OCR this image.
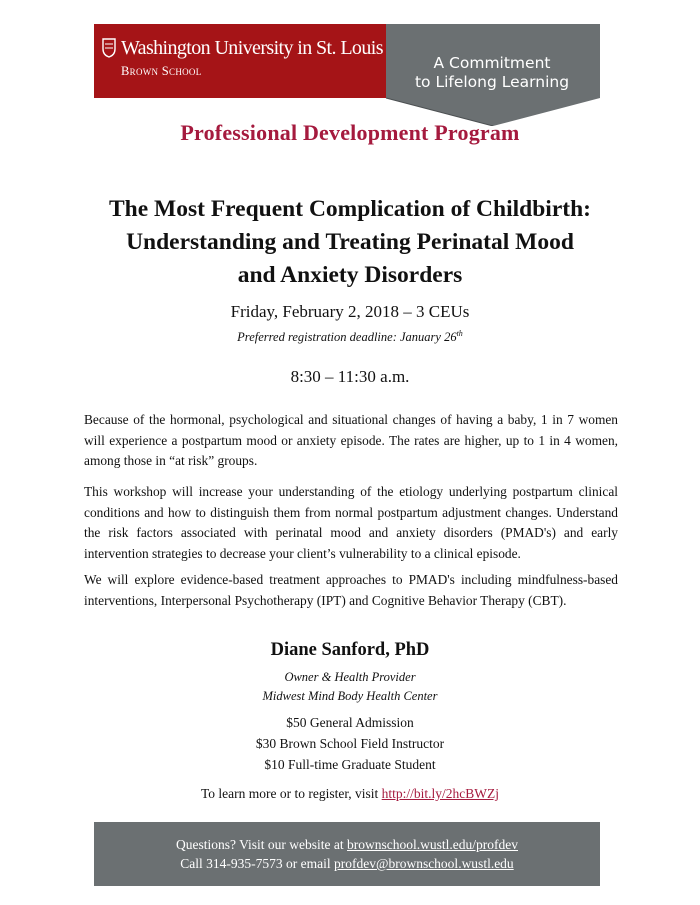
Washington University in St. Louis
Brown School	A Commitment
to Lifelong Learning
Professional Development Program
The Most Frequent Complication of Childbirth:
Understanding and Treating Perinatal Mood
and Anxiety Disorders
Friday, February 2, 2018 – 3 CEUs
Preferred registration deadline: January 26th
8:30 – 11:30 a.m.
Because of the hormonal, psychological and situational changes of having a baby, 1 in 7 women will experience a postpartum mood or anxiety episode. The rates are higher, up to 1 in 4 women, among those in “at risk” groups.
This workshop will increase your understanding of the etiology underlying postpartum clinical conditions and how to distinguish them from normal postpartum adjustment changes. Understand the risk factors associated with perinatal mood and anxiety disorders (PMAD's) and early intervention strategies to decrease your client’s vulnerability to a clinical episode.
We will explore evidence-based treatment approaches to PMAD's including mindfulness-based interventions, Interpersonal Psychotherapy (IPT) and Cognitive Behavior Therapy (CBT).
Diane Sanford, PhD
Owner & Health Provider
Midwest Mind Body Health Center
$50 General Admission
$30 Brown School Field Instructor
$10 Full-time Graduate Student
To learn more or to register, visit http://bit.ly/2hcBWZj
Questions? Visit our website at brownschool.wustl.edu/profdev
Call 314-935-7573 or email profdev@brownschool.wustl.edu
